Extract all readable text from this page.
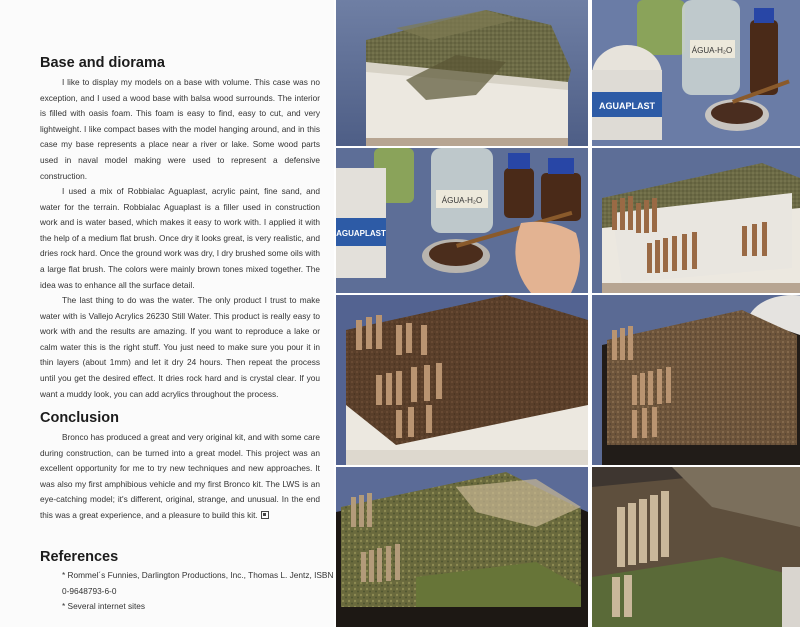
Base and diorama

I like to display my models on a base with volume. This case was no exception, and I used a wood base with balsa wood surrounds. The interior is filled with oasis foam. This foam is easy to find, easy to cut, and very lightweight. I like compact bases with the model hanging around, and in this case my base represents a place near a river or lake. Some wood parts used in naval model making were used to represent a defensive construction.

I used a mix of Robbialac Aguaplast, acrylic paint, fine sand, and water for the terrain. Robbialac Aguaplast is a filler used in construction work and is water based, which makes it easy to work with. I applied it with the help of a medium flat brush. Once dry it looks great, is very realistic, and dries rock hard. Once the ground work was dry, I dry brushed some oils with a large flat brush. The colors were mainly brown tones mixed together. The idea was to enhance all the surface detail.

The last thing to do was the water. The only product I trust to make water with is Vallejo Acrylics 26230 Still Water. This product is really easy to work with and the results are amazing. If you want to reproduce a lake or calm water this is the right stuff. You just need to make sure you pour it in thin layers (about 1mm) and let it dry 24 hours. Then repeat the process until you get the desired effect. It dries rock hard and is crystal clear. If you want a muddy look, you can add acrylics throughout the process.

Conclusion

Bronco has produced a great and very original kit, and with some care during construction, can be turned into a great model. This project was an excellent opportunity for me to try new techniques and new approaches. It was also my first amphibious vehicle and my first Bronco kit. The LWS is an eye-catching model; it's different, original, strange, and unusual. In the end this was a great experience, and a pleasure to build this kit.

References

* Rommel´s Funnies, Darlington Productions, Inc., Thomas L. Jentz, ISBN 0-9648793-6-0

* Several internet sites

ÁGUA-H₂O
AGUAPLAST
AGUAPLAST
ÁGUA-H₂O
